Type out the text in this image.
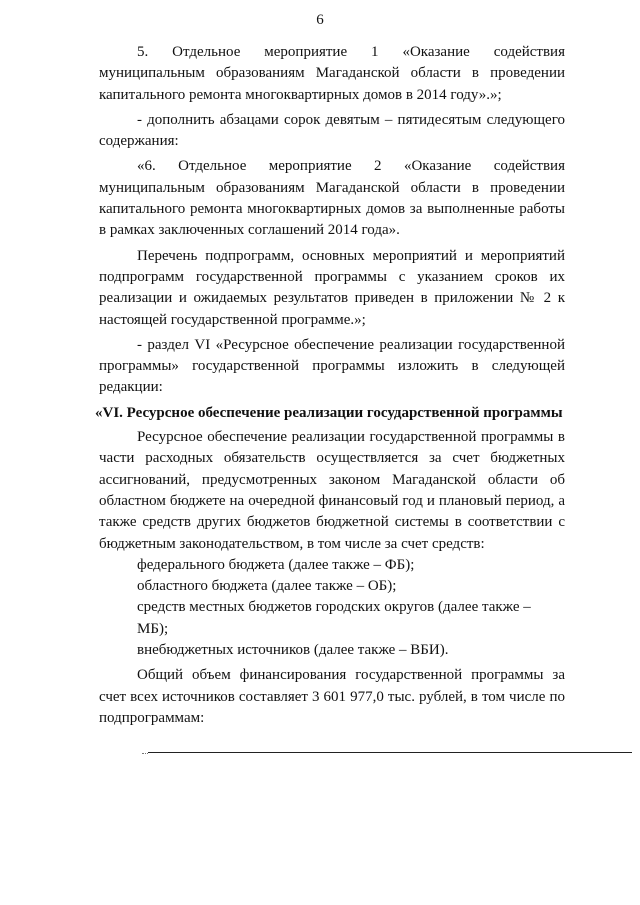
6

5. Отдельное мероприятие 1 «Оказание содействия муниципальным образованиям Магаданской области в проведении капитального ремонта многоквартирных домов в 2014 году».»;

- дополнить абзацами сорок девятым – пятидесятым следующего содержания:

«6. Отдельное мероприятие 2 «Оказание содействия муниципальным образованиям Магаданской области в проведении капитального ремонта многоквартирных домов за выполненные работы в рамках заключенных соглашений 2014 года».

Перечень подпрограмм, основных мероприятий и мероприятий подпрограмм государственной программы с указанием сроков их реализации и ожидаемых результатов приведен в приложении № 2 к настоящей государственной программе.»;

- раздел VI «Ресурсное обеспечение реализации государственной программы» государственной программы изложить в следующей редакции:

«VI. Ресурсное обеспечение реализации государственной программы

Ресурсное обеспечение реализации государственной программы в части расходных обязательств осуществляется за счет бюджетных ассигнований, предусмотренных законом Магаданской области об областном бюджете на очередной финансовый год и плановый период, а также средств других бюджетов бюджетной системы в соответствии с бюджетным законодательством, в том числе за счет средств:

федерального бюджета (далее также – ФБ);

областного бюджета (далее также – ОБ);

средств местных бюджетов городских округов (далее также – МБ);

внебюджетных источников (далее также – ВБИ).

Общий объем финансирования государственной программы за счет всех источников составляет 3 601 977,0 тыс. рублей, в том числе по подпрограммам:
